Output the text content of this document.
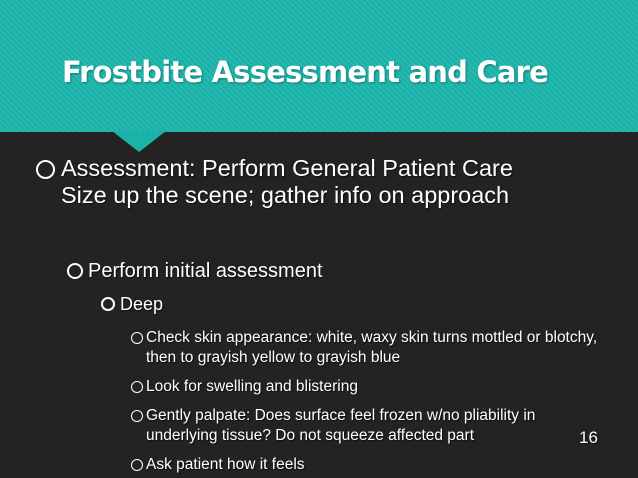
Frostbite Assessment and Care
Assessment: Perform General Patient Care Size up the scene; gather info on approach
Perform initial assessment
Deep
Check skin appearance: white, waxy skin turns mottled or blotchy, then to grayish yellow to grayish blue
Look for swelling and blistering
Gently palpate: Does surface feel frozen w/no pliability in underlying tissue? Do not squeeze affected part
Ask patient how it feels
16
